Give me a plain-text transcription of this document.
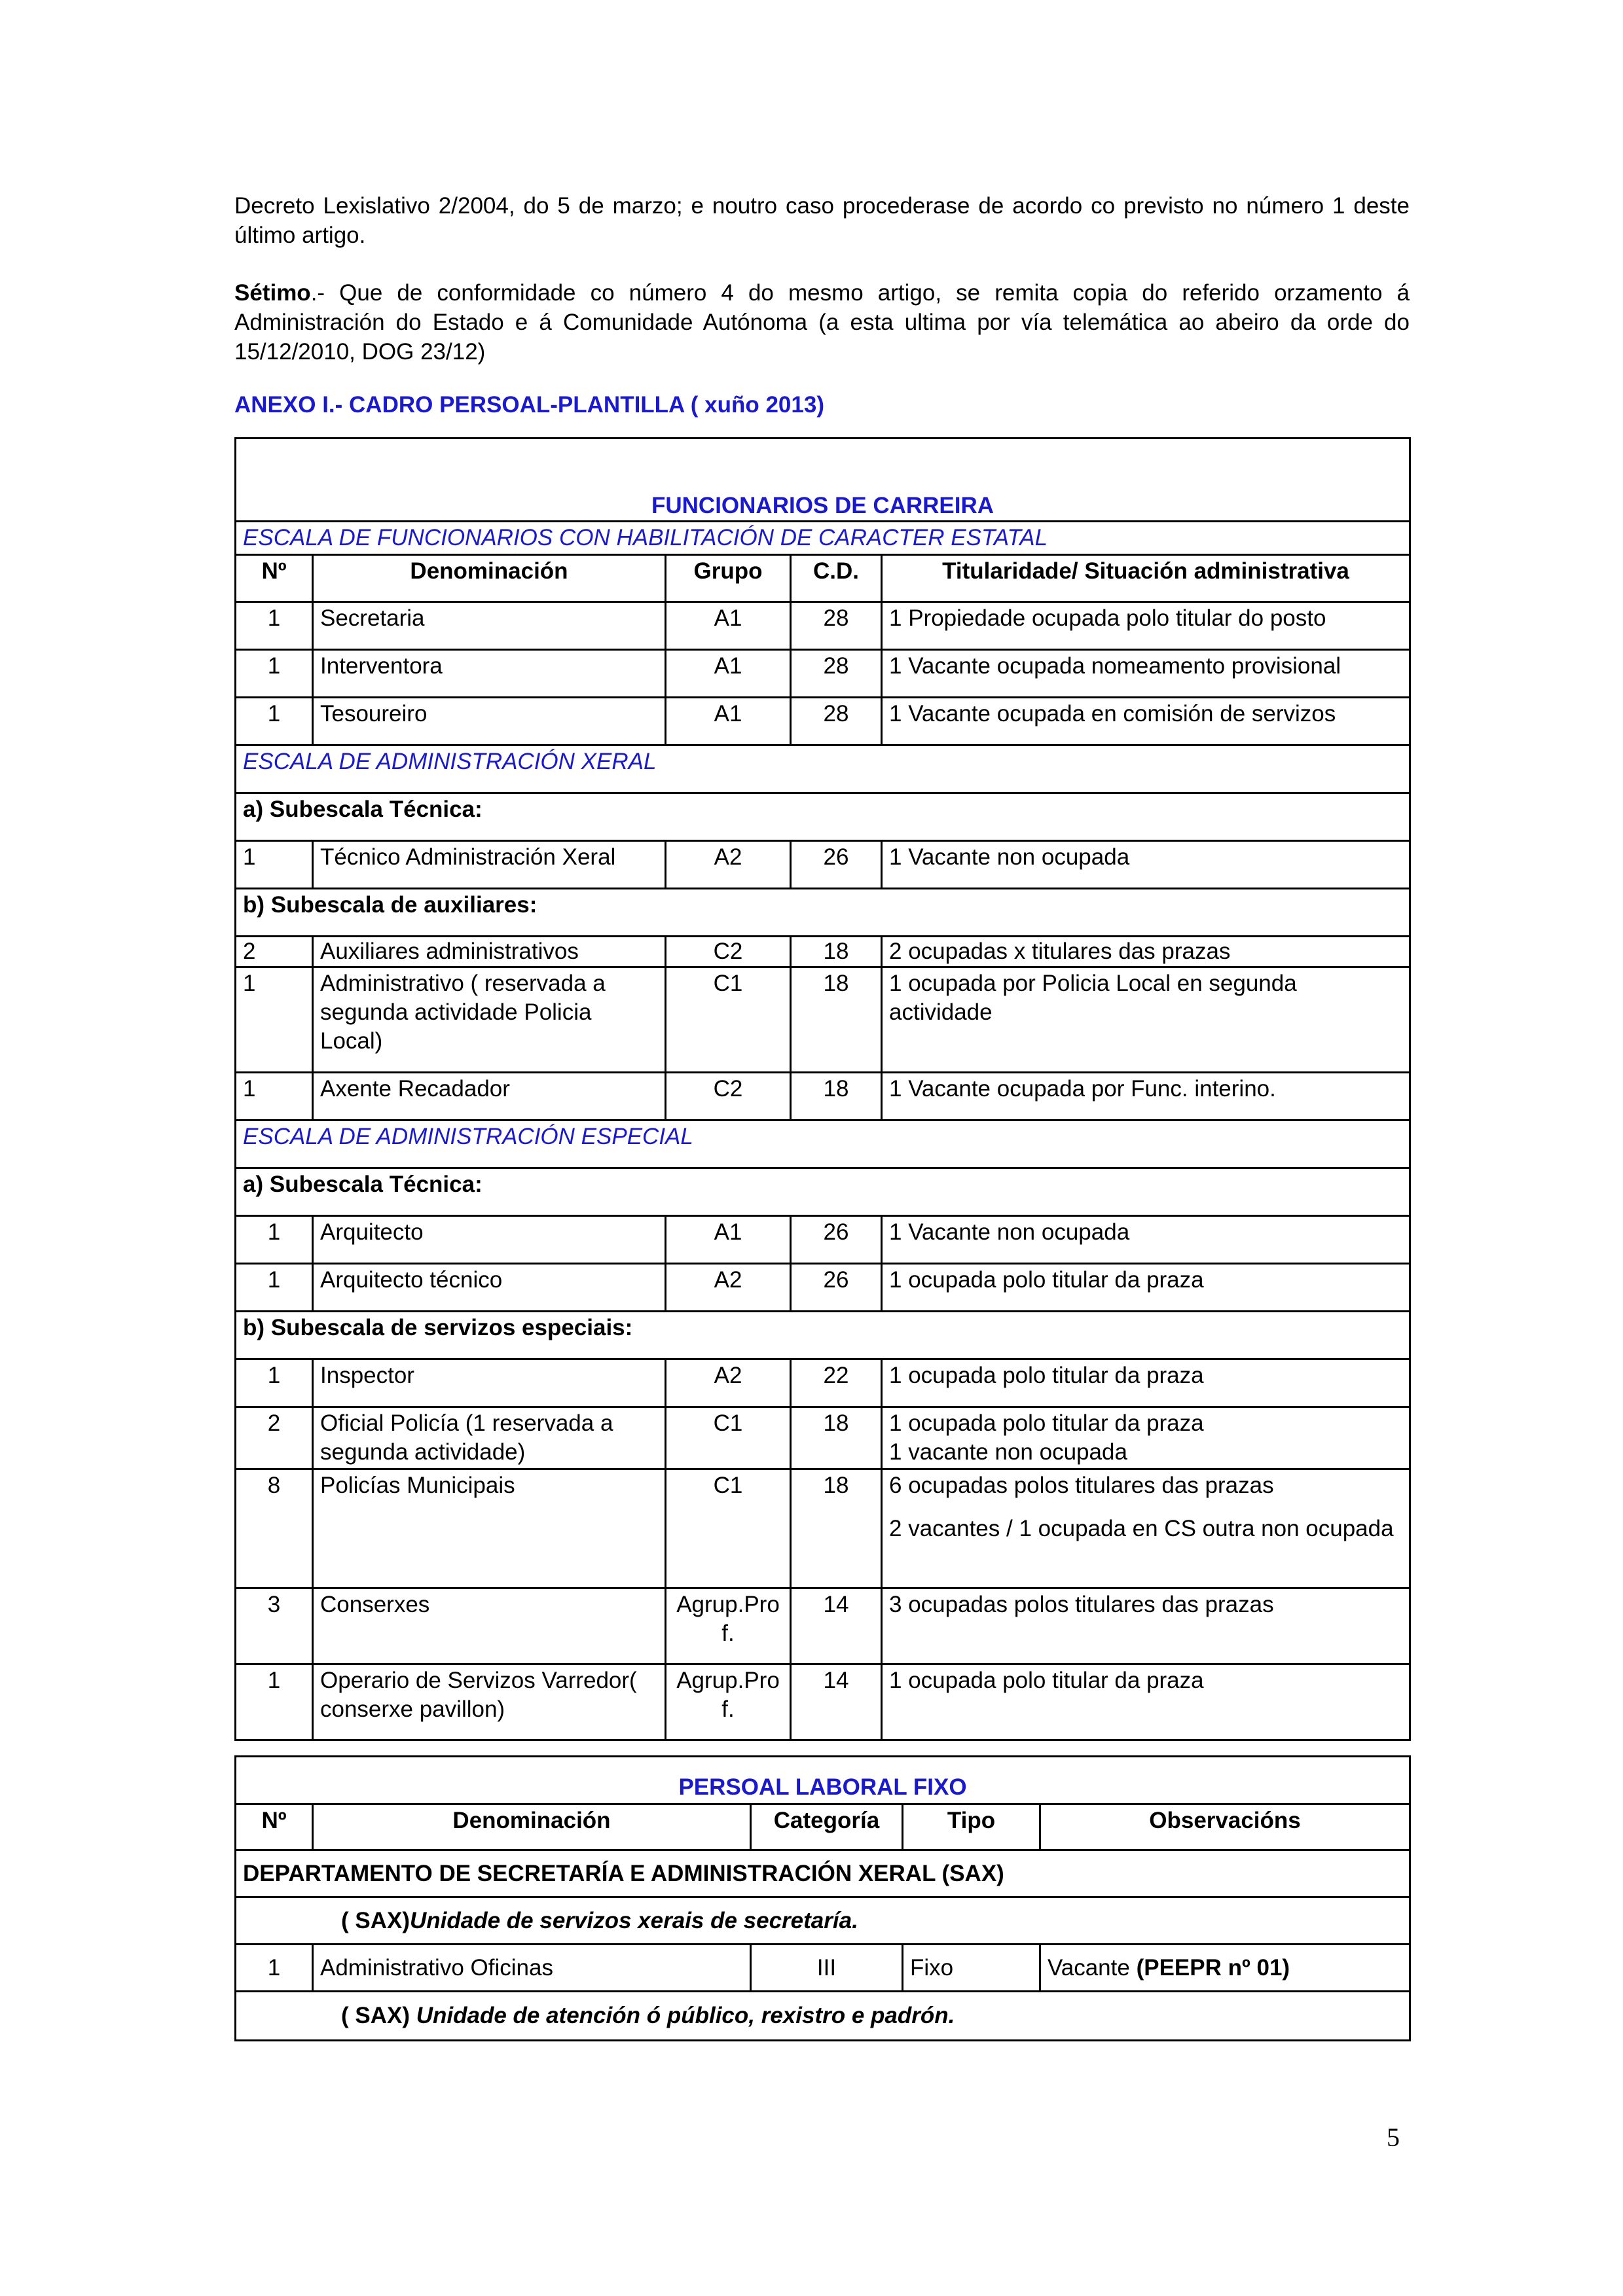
Decreto Lexislativo 2/2004, do 5 de marzo; e noutro caso procederase de acordo co previsto no número 1 deste último artigo.

Sétimo.- Que de conformidade co número 4 do mesmo artigo, se remita copia do referido orzamento á Administración do Estado e á Comunidade Autónoma (a esta ultima por vía telemática ao abeiro da orde do 15/12/2010, DOG 23/12)

ANEXO I.- CADRO PERSOAL-PLANTILLA ( xuño 2013)

FUNCIONARIOS DE CARREIRA				
ESCALA DE FUNCIONARIOS CON HABILITACIÓN DE CARACTER ESTATAL				
Nº	Denominación	Grupo	C.D.	Titularidade/ Situación administrativa
1	Secretaria	A1	28	1 Propiedade ocupada polo titular do posto
1	Interventora	A1	28	1 Vacante ocupada nomeamento provisional
1	Tesoureiro	A1	28	1 Vacante ocupada en comisión de servizos
ESCALA DE ADMINISTRACIÓN XERAL				
a) Subescala Técnica:				
1	Técnico Administración Xeral	A2	26	1 Vacante non ocupada
b) Subescala de auxiliares:				
2	Auxiliares administrativos	C2	18	2 ocupadas x titulares das prazas
1	Administrativo ( reservada a segunda actividade Policia Local)	C1	18	1 ocupada por Policia Local en segunda actividade
1	Axente Recadador	C2	18	1 Vacante ocupada por Func. interino.
ESCALA DE ADMINISTRACIÓN ESPECIAL				
a) Subescala Técnica:				
1	Arquitecto	A1	26	1 Vacante non ocupada
1	Arquitecto técnico	A2	26	1 ocupada polo titular da praza
b) Subescala de servizos especiais:				
1	Inspector	A2	22	1 ocupada polo titular da praza
2	Oficial Policía (1 reservada a segunda actividade)	C1	18	1 ocupada polo titular da praza
1 vacante non ocupada

8	Policías Municipais	C1	18	6 ocupadas polos titulares das prazas
2 vacantes / 1 ocupada en CS outra non ocupada

3	Conserxes	Agrup.Prof.	14	3 ocupadas polos titulares das prazas
1	Operario de Servizos Varredor( conserxe pavillon)	Agrup.Prof.	14	1 ocupada polo titular da praza
PERSOAL LABORAL FIXO				
Nº	Denominación	Categoría	Tipo	Observacións
DEPARTAMENTO DE SECRETARÍA E ADMINISTRACIÓN XERAL (SAX)				
( SAX)Unidade de servizos xerais de secretaría.				
1	Administrativo Oficinas	III	Fixo	Vacante (PEEPR nº 01)
( SAX) Unidade de atención ó público, rexistro e padrón.				
5
